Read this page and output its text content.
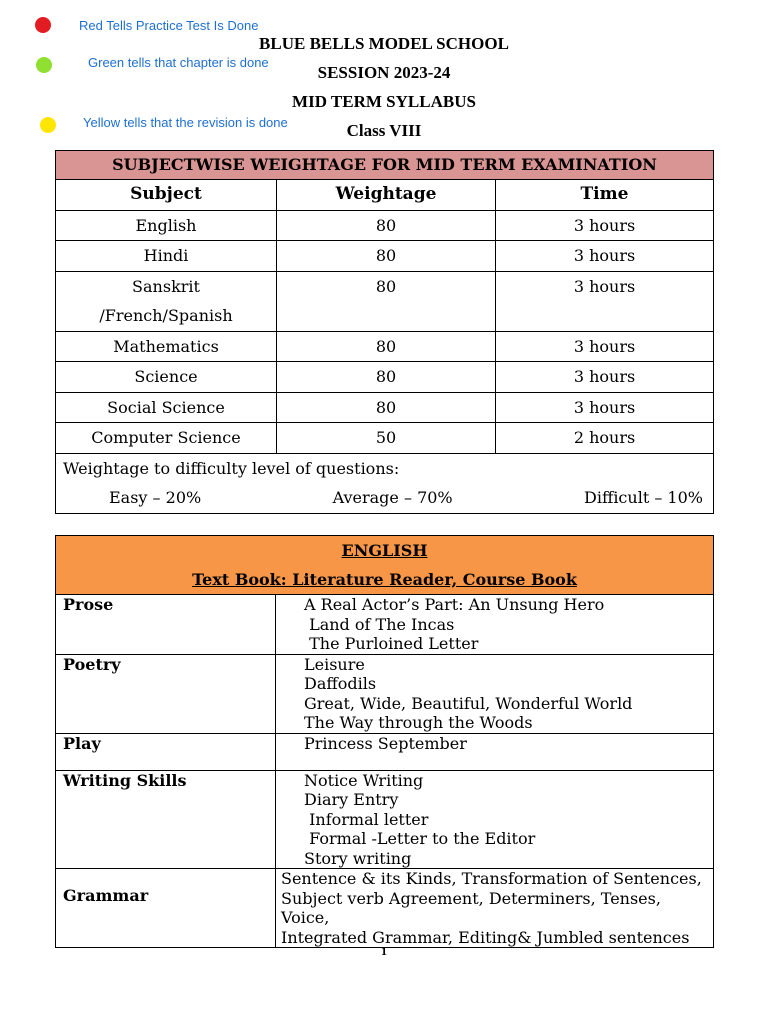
Red Tells Practice Test Is Done
Green tells that chapter is done
Yellow tells that the revision is done
BLUE BELLS MODEL SCHOOL
SESSION 2023-24
MID TERM SYLLABUS
Class VIII
SUBJECTWISE WEIGHTAGE FOR MID TERM EXAMINATION		
Subject	Weightage	Time
English	80	3 hours
Hindi	80	3 hours
Sanskrit /French/Spanish	80	3 hours
Mathematics	80	3 hours
Science	80	3 hours
Social Science	80	3 hours
Computer Science	50	2 hours

Weightage to difficulty level of questions:
Easy – 20% Average – 70% Difficult – 10%		
ENGLISH
Text Book: Literature Reader, Course Book	

Prose	A Real Actor’s Part: An Unsung Hero
Land of The Incas
The Purloined Letter

Poetry	Leisure
Daffodils
Great, Wide, Beautiful, Wonderful World
The Way through the Woods

Play	Princess September

Writing Skills	Notice Writing
Diary Entry
Informal letter
Formal -Letter to the Editor
Story writing

Grammar	Sentence & its Kinds, Transformation of Sentences,
Subject verb Agreement, Determiners, Tenses, Voice,
Integrated Grammar, Editing& Jumbled sentences
1
